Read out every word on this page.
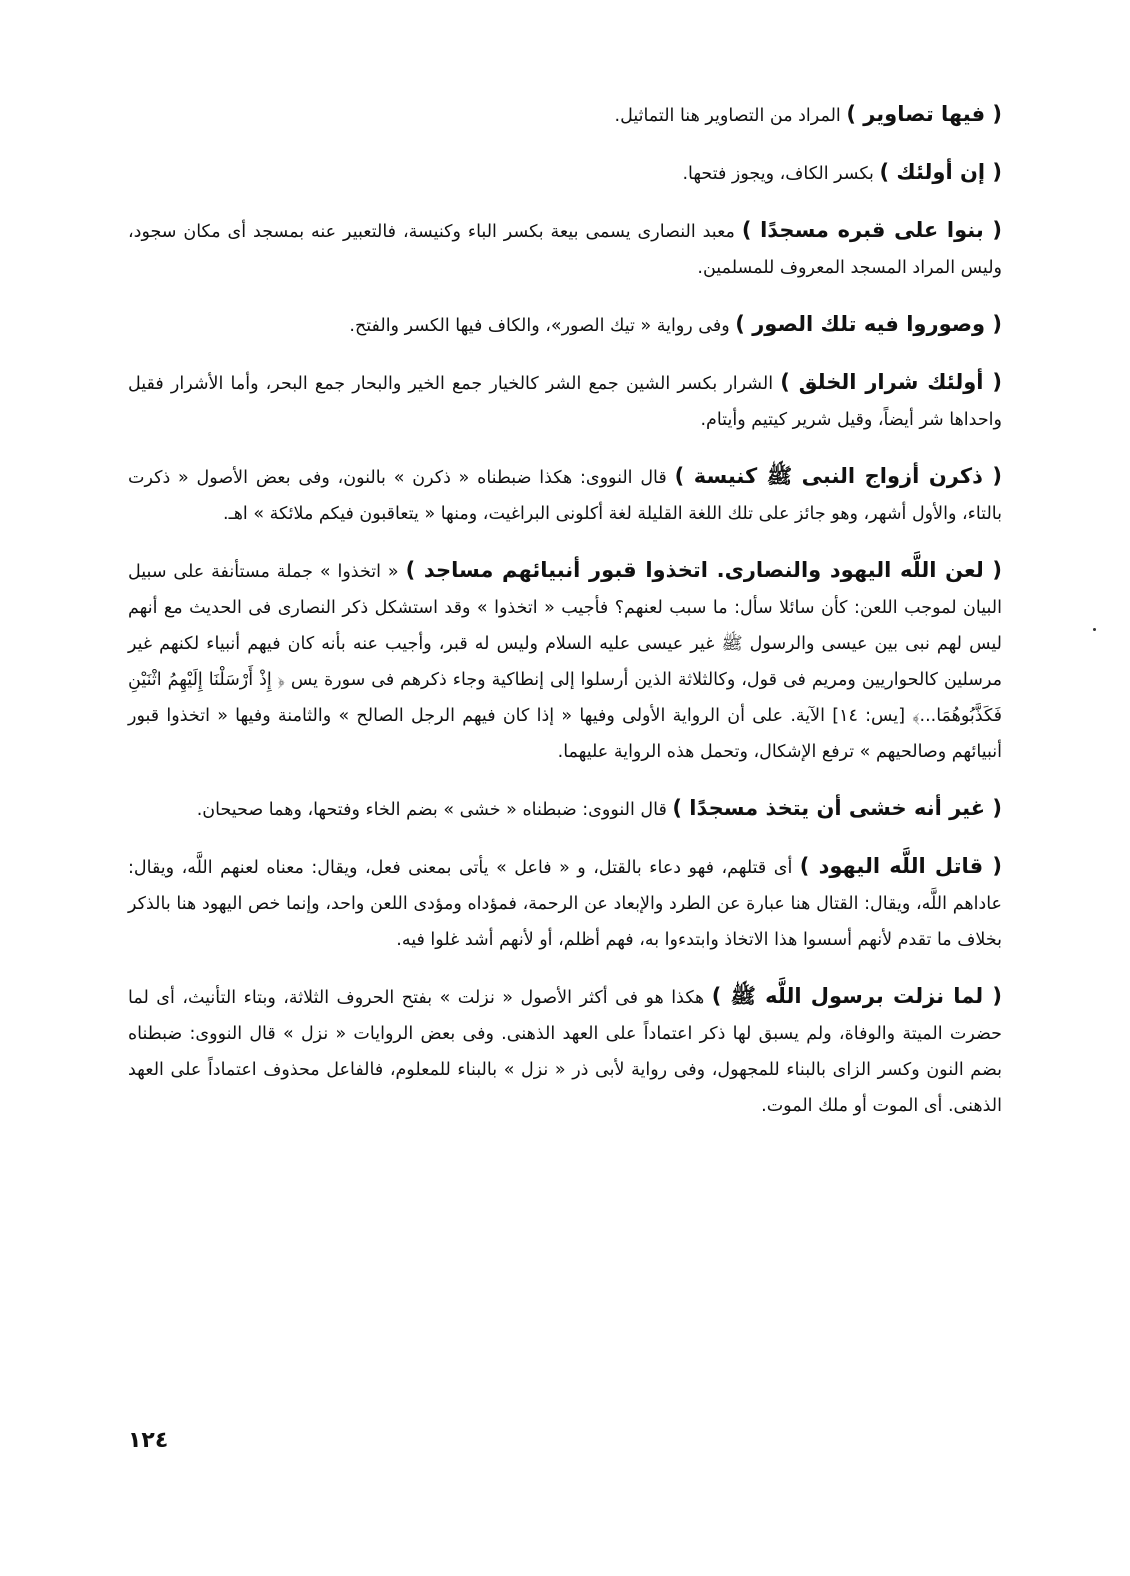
( فيها تصاوير ) المراد من التصاوير هنا التماثيل.

( إن أولئك ) بكسر الكاف، ويجوز فتحها.

( بنوا على قبره مسجدًا ) معبد النصارى يسمى بيعة بكسر الباء وكنيسة، فالتعبير عنه بمسجد أى مكان سجود، وليس المراد المسجد المعروف للمسلمين.

( وصوروا فيه تلك الصور ) وفى رواية « تيك الصور»، والكاف فيها الكسر والفتح.

( أولئك شرار الخلق ) الشرار بكسر الشين جمع الشر كالخيار جمع الخير والبحار جمع البحر، وأما الأشرار فقيل واحداها شر أيضاً، وقيل شرير كيتيم وأيتام.

( ذكرن أزواج النبى ﷺ كنيسة ) قال النووى: هكذا ضبطناه « ذكرن » بالنون، وفى بعض الأصول « ذكرت بالتاء، والأول أشهر، وهو جائز على تلك اللغة القليلة لغة أكلونى البراغيت، ومنها « يتعاقبون فيكم ملائكة » اهـ.

( لعن اللَّه اليهود والنصارى. اتخذوا قبور أنبيائهم مساجد ) « اتخذوا » جملة مستأنفة على سبيل البيان لموجب اللعن: كأن سائلا سأل: ما سبب لعنهم؟ فأجيب « اتخذوا » وقد استشكل ذكر النصارى فى الحديث مع أنهم ليس لهم نبى بين عيسى والرسول ﷺ غير عيسى عليه السلام وليس له قبر، وأجيب عنه بأنه كان فيهم أنبياء لكنهم غير مرسلين كالحواريين ومريم فى قول، وكالثلاثة الذين أرسلوا إلى إنطاكية وجاء ذكرهم فى سورة يس ﴿ إِذْ أَرْسَلْنَا إِلَيْهِمُ اثْنَيْنِ فَكَذَّبُوهُمَا...﴾ [يس: ١٤] الآية. على أن الرواية الأولى وفيها « إذا كان فيهم الرجل الصالح » والثامنة وفيها « اتخذوا قبور أنبيائهم وصالحيهم » ترفع الإشكال، وتحمل هذه الرواية عليهما.

( غير أنه خشى أن يتخذ مسجدًا ) قال النووى: ضبطناه « خشى » بضم الخاء وفتحها، وهما صحيحان.

( قاتل اللَّه اليهود ) أى قتلهم، فهو دعاء بالقتل، و « فاعل » يأتى بمعنى فعل، ويقال: معناه لعنهم اللَّه، ويقال: عاداهم اللَّه، ويقال: القتال هنا عبارة عن الطرد والإبعاد عن الرحمة، فمؤداه ومؤدى اللعن واحد، وإنما خص اليهود هنا بالذكر بخلاف ما تقدم لأنهم أسسوا هذا الاتخاذ وابتدءوا به، فهم أظلم، أو لأنهم أشد غلوا فيه.

( لما نزلت برسول اللَّه ﷺ ) هكذا هو فى أكثر الأصول « نزلت » بفتح الحروف الثلاثة، وبتاء التأنيث، أى لما حضرت الميتة والوفاة، ولم يسبق لها ذكر اعتماداً على العهد الذهنى. وفى بعض الروايات « نزل » قال النووى: ضبطناه بضم النون وكسر الزاى بالبناء للمجهول، وفى رواية لأبى ذر « نزل » بالبناء للمعلوم، فالفاعل محذوف اعتماداً على العهد الذهنى. أى الموت أو ملك الموت.

١٢٤
